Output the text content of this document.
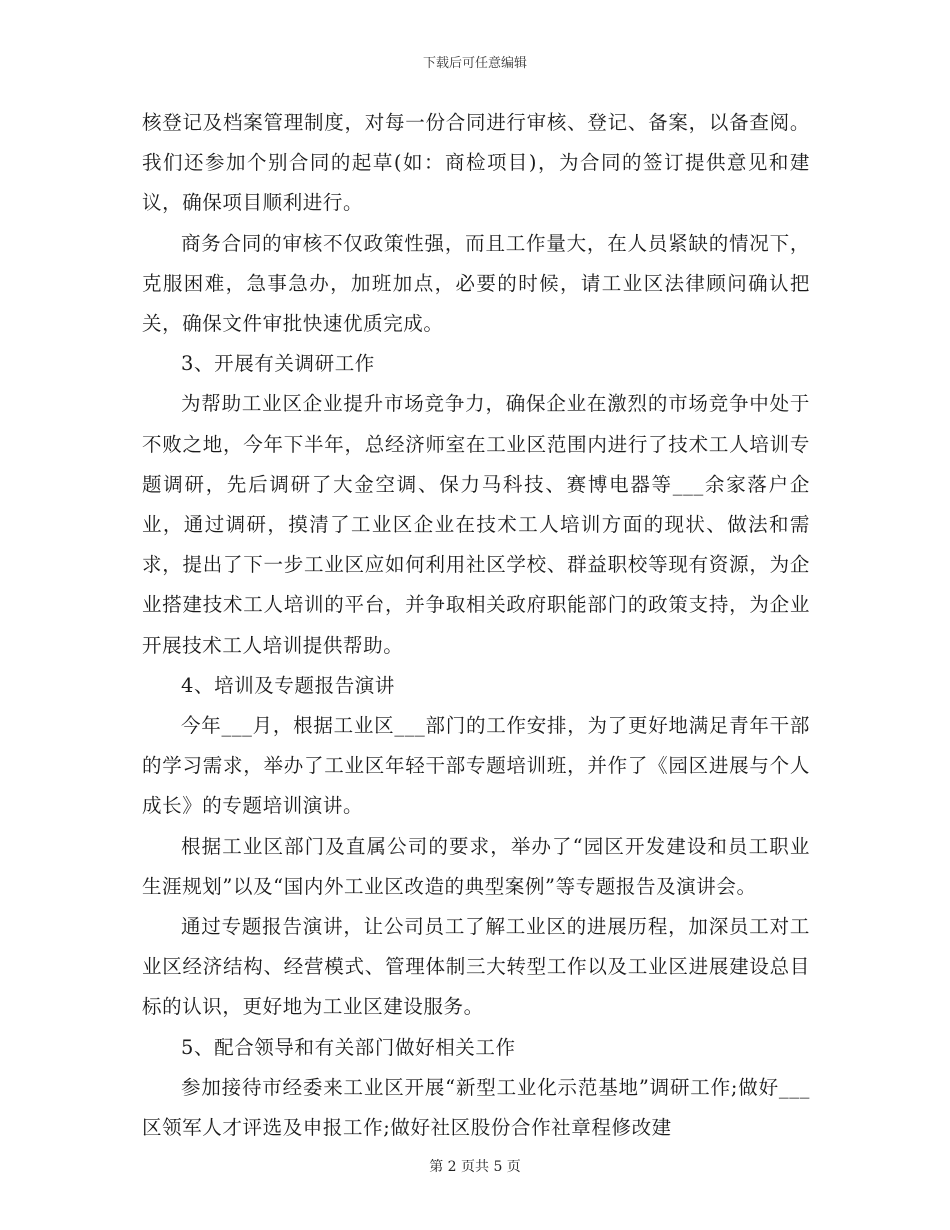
下载后可任意编辑

核登记及档案管理制度，对每一份合同进行审核、登记、备案，以备查阅。我们还参加个别合同的起草(如：商检项目)，为合同的签订提供意见和建议，确保项目顺利进行。

商务合同的审核不仅政策性强，而且工作量大，在人员紧缺的情况下，克服困难，急事急办，加班加点，必要的时候，请工业区法律顾问确认把关，确保文件审批快速优质完成。

3、开展有关调研工作

为帮助工业区企业提升市场竞争力，确保企业在激烈的市场竞争中处于不败之地，今年下半年，总经济师室在工业区范围内进行了技术工人培训专题调研，先后调研了大金空调、保力马科技、赛博电器等___余家落户企业，通过调研，摸清了工业区企业在技术工人培训方面的现状、做法和需求，提出了下一步工业区应如何利用社区学校、群益职校等现有资源，为企业搭建技术工人培训的平台，并争取相关政府职能部门的政策支持，为企业开展技术工人培训提供帮助。

4、培训及专题报告演讲

今年___月，根据工业区___部门的工作安排，为了更好地满足青年干部的学习需求，举办了工业区年轻干部专题培训班，并作了《园区进展与个人成长》的专题培训演讲。

根据工业区部门及直属公司的要求，举办了“园区开发建设和员工职业生涯规划”以及“国内外工业区改造的典型案例”等专题报告及演讲会。

通过专题报告演讲，让公司员工了解工业区的进展历程，加深员工对工业区经济结构、经营模式、管理体制三大转型工作以及工业区进展建设总目标的认识，更好地为工业区建设服务。

5、配合领导和有关部门做好相关工作

参加接待市经委来工业区开展“新型工业化示范基地”调研工作;做好___区领军人才评选及申报工作;做好社区股份合作社章程修改建

第 2 页共 5 页
